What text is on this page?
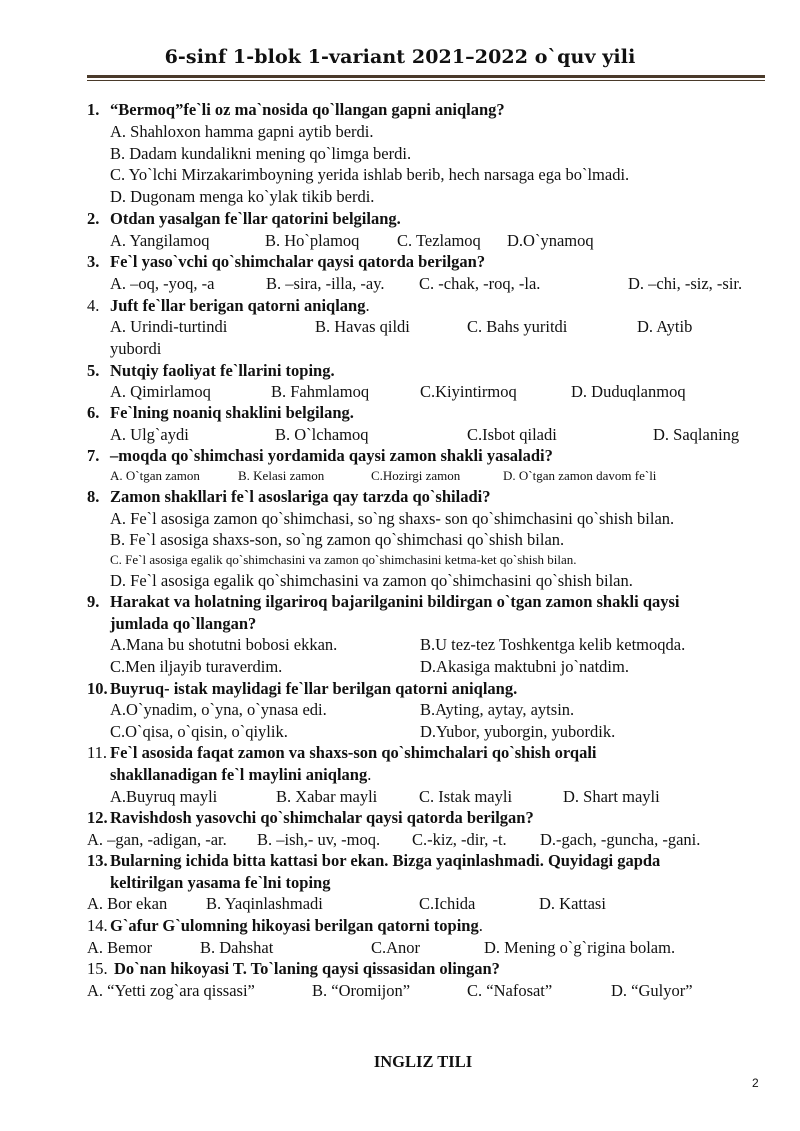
6-sinf 1-blok 1-variant 2021–2022 o`quv yili
1. “Bermoq”fe`li oz ma`nosida qo`llangan gapni aniqlang?
A. Shahloxon hamma gapni aytib berdi.
B. Dadam kundalikni mening qo`limga berdi.
C. Yo`lchi Mirzakarimboyning yerida ishlab berib, hech narsaga ega bo`lmadi.
D. Dugonam menga ko`ylak tikib berdi.
2. Otdan yasalgan fe`llar qatorini belgilang.
A. Yangilamoq	B. Ho`plamoq C. Tezlamoq D.O`ynamoq
3. Fe`l yaso`vchi qo`shimchalar qaysi qatorda berilgan?
A. –oq, -yoq, -a	B. –sira, -illa, -ay. C. -chak, -roq, -la.	D. –chi, -siz, -sir.
4. Juft fe`llar berigan qatorni aniqlang.
A. Urindi-turtindi	B. Havas qildi	C. Bahs yuritdi	D. Aytib
yubordi
5. Nutqiy faoliyat fe`llarini toping.
A. Qimirlamoq	B. Fahmlamoq	C.Kiyintirmoq	D. Duduqlanmoq
6. Fe`lning noaniq shaklini belgilang.
A. Ulg`aydi	B. O`lchamoq	C.Isbot qiladi	D. Saqlaning
7. –moqda qo`shimchasi yordamida qaysi zamon shakli yasaladi?
A. O`tgan zamon	B. Kelasi zamon	C.Hozirgi zamon	D. O`tgan zamon davom fe`li
8. Zamon shakllari fe`l asoslariga qay tarzda qo`shiladi?
A. Fe`l asosiga zamon qo`shimchasi, so`ng shaxs- son qo`shimchasini qo`shish bilan.
B. Fe`l asosiga shaxs-son, so`ng zamon qo`shimchasi qo`shish bilan.
C. Fe`l asosiga egalik qo`shimchasini va zamon qo`shimchasini ketma-ket qo`shish bilan.
D. Fe`l asosiga egalik qo`shimchasini va zamon qo`shimchasini qo`shish bilan.
9. Harakat va holatning ilgariroq bajarilganini bildirgan o`tgan zamon shakli qaysi
jumlada qo`llangan?
A.Mana bu shotutni bobosi ekkan.	B.U tez-tez Toshkentga kelib ketmoqda.
C.Men iljayib turaverdim.	D.Akasiga maktubni jo`natdim.
10. Buyruq- istak maylidagi fe`llar berilgan qatorni aniqlang.
A.O`ynadim, o`yna, o`ynasa edi.	B.Ayting, aytay, aytsin.
C.O`qisa, o`qisin, o`qiylik.	D.Yubor, yuborgin, yubordik.
11. Fe`l asosida faqat zamon va shaxs-son qo`shimchalari qo`shish orqali
shakllanadigan fe`l maylini aniqlang.
A.Buyruq mayli	B. Xabar mayli	C. Istak mayli	D. Shart mayli
12. Ravishdosh yasovchi qo`shimchalar qaysi qatorda berilgan?
A. –gan, -adigan, -ar. B. –ish,- uv, -moq. C.-kiz, -dir, -t. D.-gach, -guncha, -gani.
13. Bularning ichida bitta kattasi bor ekan. Bizga yaqinlashmadi. Quyidagi gapda
keltirilgan yasama fe`lni toping
A. Bor ekan B. Yaqinlashmadi	C.Ichida	D. Kattasi
14. G`afur G`ulomning hikoyasi berilgan qatorni toping.
A. Bemor	B. Dahshat	C.Anor	D. Mening o`g`rigina bolam.
15. Do`nan hikoyasi T. To`laning qaysi qissasidan olingan?
A. “Yetti zog`ara qissasi”	B. “Oromijon”	C. “Nafosat”	D. “Gulyor”
INGLIZ TILI
2
